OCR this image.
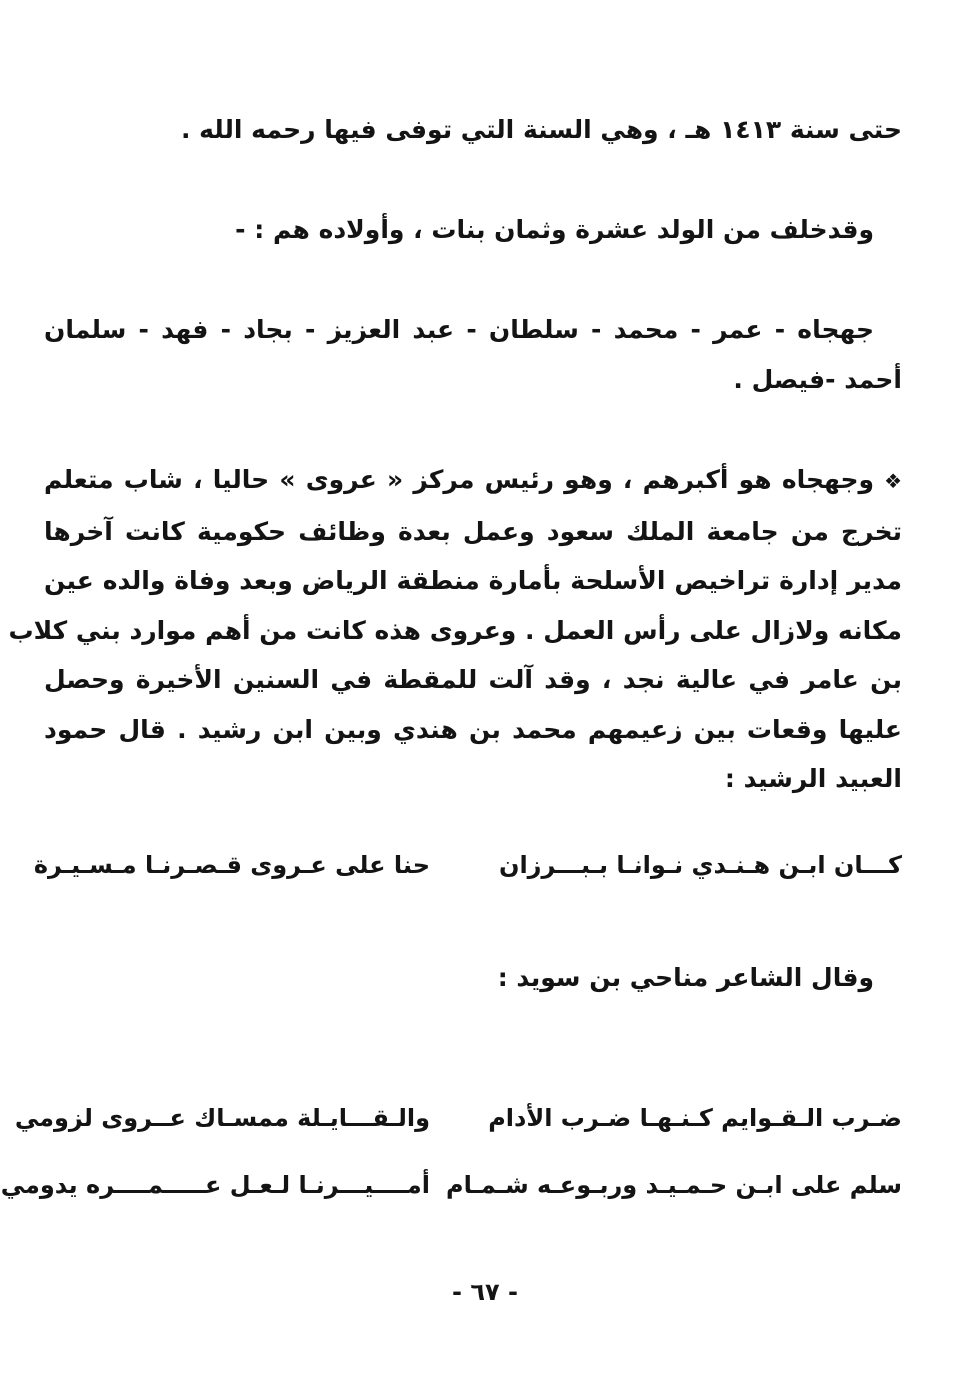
حتى سنة ١٤١٣ هـ ، وهي السنة التي توفى فيها رحمه الله .
وقدخلف من الولد عشرة وثمان بنات ، وأولاده هم : -
جهجاه - عمر - محمد - سلطان - عبد العزيز - بجاد - فهد - سلمان
أحمد -فيصل .
❖وجهجاه هو أكبرهم ، وهو رئيس مركز « عروى » حاليا ، شاب متعلم
تخرج من جامعة الملك سعود وعمل بعدة وظائف حكومية كانت آخرها
مدير إدارة تراخيص الأسلحة بأمارة منطقة الرياض وبعد وفاة والده عين
مكانه ولازال على رأس العمل . وعروى هذه كانت من أهم موارد بني كلاب
بن عامر في عالية نجد ، وقد آلت للمقطة في السنين الأخيرة وحصل
عليها وقعات بين زعيمهم محمد بن هندي وبين ابن رشيد . قال حمود
العبيد الرشيد :
كـــان ابـن هـنـدي نـوانـا بـبـــرزان
حنا على عـروى قـصـرنـا مـسـيـرة
وقال الشاعر مناحي بن سويد :
ضـرب الـقـوايم كـنـهـا ضـرب الأدام
والـقـــايـلة ممسـاك عــروى لزومي
سلم على ابـن حـمـيـد وربـوعـه شـمـام
أمــــيـــرنـا لـعـل عـــــمــــره يدومي
- ٦٧ -
